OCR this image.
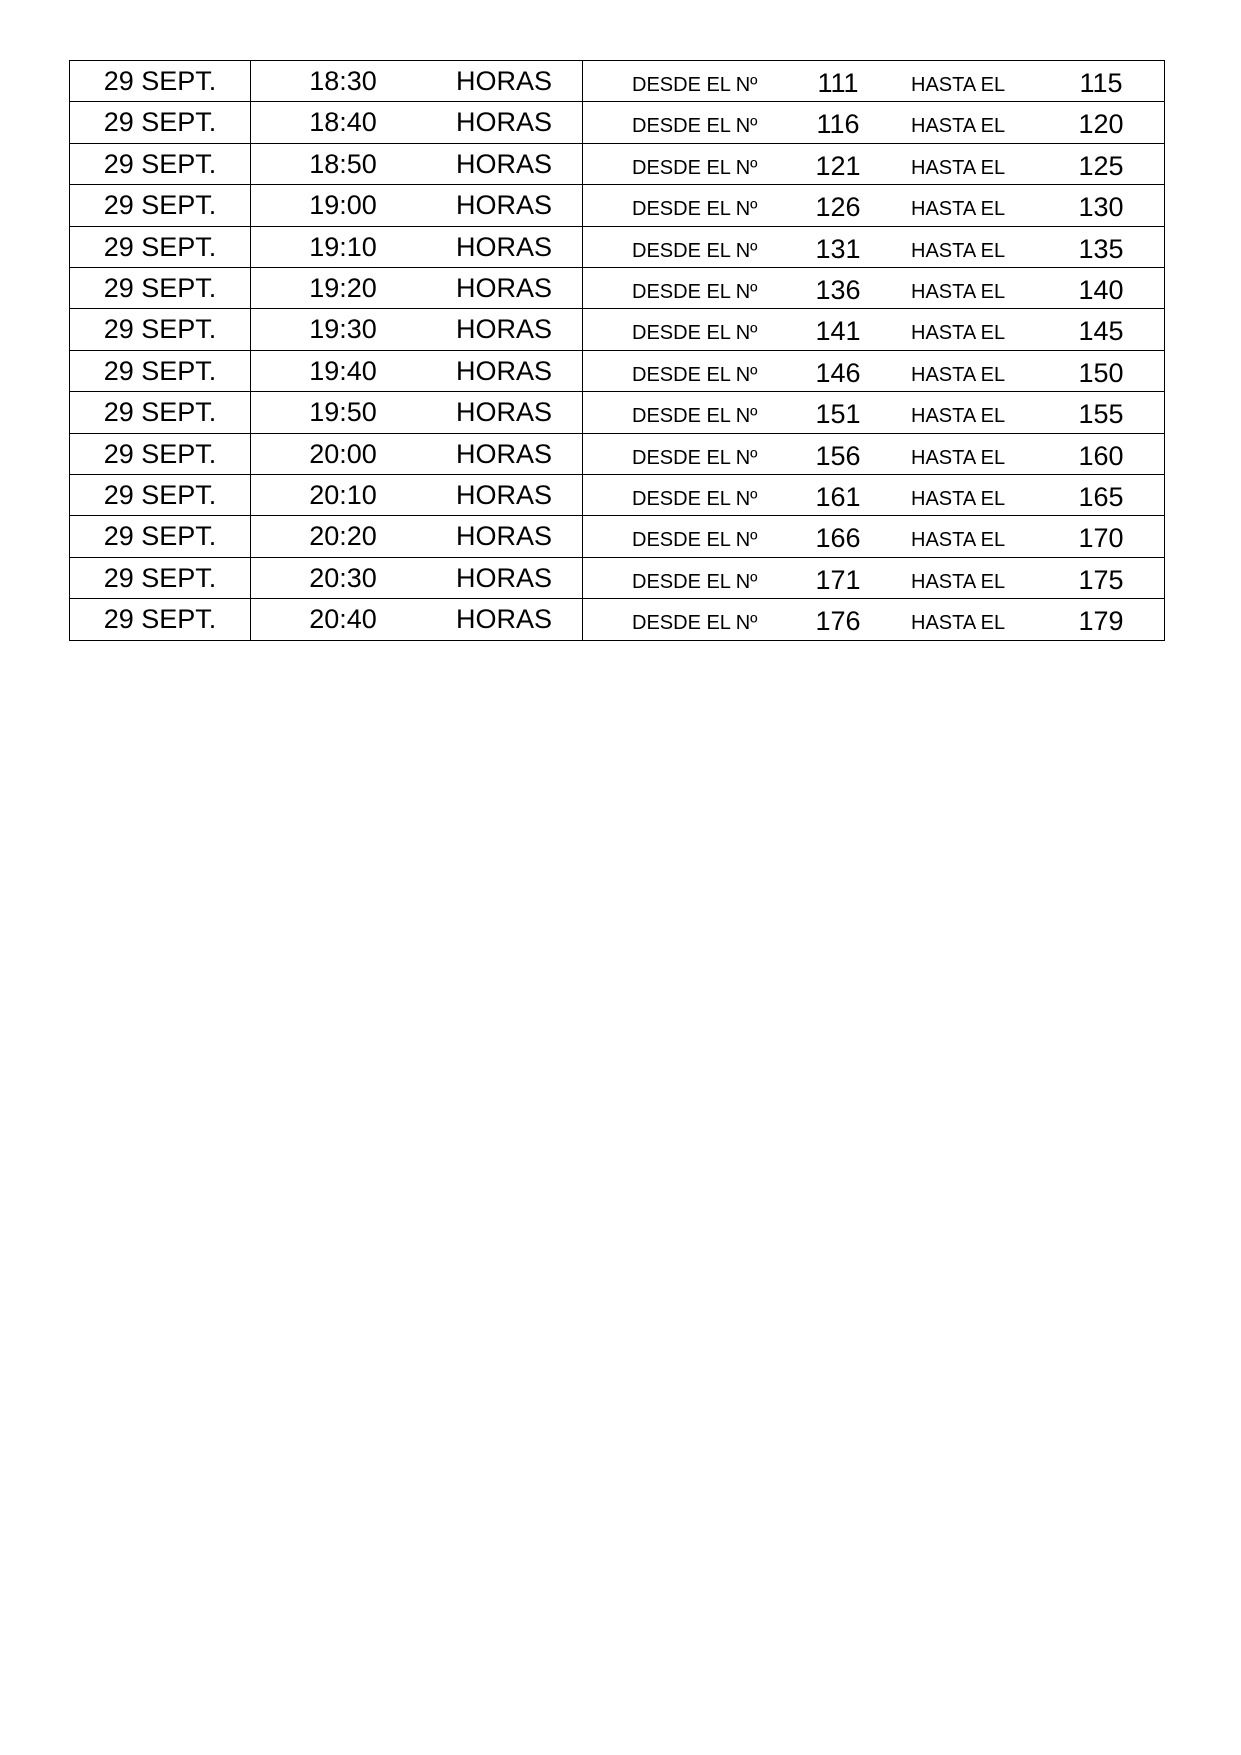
29 SEPT.	18:30	HORAS	DESDE EL Nº	111	HASTA EL	115
29 SEPT.	18:40	HORAS	DESDE EL Nº	116	HASTA EL	120
29 SEPT.	18:50	HORAS	DESDE EL Nº 121	HASTA EL	125
29 SEPT.	19:00	HORAS	DESDE EL Nº 126	HASTA EL	130
29 SEPT.	19:10	HORAS	DESDE EL Nº 131	HASTA EL	135
29 SEPT.	19:20	HORAS	DESDE EL Nº 136	HASTA EL	140
29 SEPT.	19:30	HORAS	DESDE EL Nº 141	HASTA EL	145
29 SEPT.	19:40	HORAS	DESDE EL Nº 146	HASTA EL	150
29 SEPT.	19:50	HORAS	DESDE EL Nº 151	HASTA EL	155
29 SEPT.	20:00	HORAS	DESDE EL Nº 156	HASTA EL	160
29 SEPT.	20:10	HORAS	DESDE EL Nº 161	HASTA EL	165
29 SEPT.	20:20	HORAS	DESDE EL Nº 166	HASTA EL	170
29 SEPT.	20:30	HORAS	DESDE EL Nº 171	HASTA EL	175
29 SEPT.	20:40	HORAS	DESDE EL Nº 176	HASTA EL	179
